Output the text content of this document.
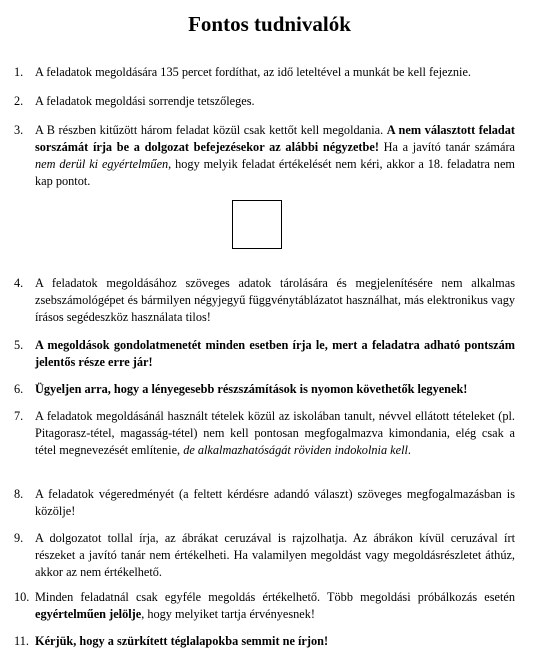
Fontos tudnivalók
1. A feladatok megoldására 135 percet fordíthat, az idő leteltével a munkát be kell fejeznie.
2. A feladatok megoldási sorrendje tetszőleges.
3. A B részben kitűzött három feladat közül csak kettőt kell megoldania. A nem választott feladat sorszámát írja be a dolgozat befejezésekor az alábbi négyzetbe! Ha a javító tanár számára nem derül ki egyértelműen, hogy melyik feladat értékelését nem kéri, akkor a 18. feladatra nem kap pontot.
4. A feladatok megoldásához szöveges adatok tárolására és megjelenítésére nem alkalmas zsebszámológépet és bármilyen négyjegyű függvénytáblázatot használhat, más elektronikus vagy írásos segédeszköz használata tilos!
5. A megoldások gondolatmenetét minden esetben írja le, mert a feladatra adható pontszám jelentős része erre jár!
6. Ügyeljen arra, hogy a lényegesebb részszámítások is nyomon követhetők legyenek!
7. A feladatok megoldásánál használt tételek közül az iskolában tanult, névvel ellátott tételeket (pl. Pitagorasz-tétel, magasság-tétel) nem kell pontosan megfogalmazva kimondania, elég csak a tétel megnevezését említenie, de alkalmazhatóságát röviden indokolnia kell.
8. A feladatok végeredményét (a feltett kérdésre adandó választ) szöveges megfogalmazásban is közölje!
9. A dolgozatot tollal írja, az ábrákat ceruzával is rajzolhatja. Az ábrákon kívül ceruzával írt részeket a javító tanár nem értékelheti. Ha valamilyen megoldást vagy megoldásrészletet áthúz, akkor az nem értékelhető.
10. Minden feladatnál csak egyféle megoldás értékelhető. Több megoldási próbálkozás esetén egyértelműen jelölje, hogy melyiket tartja érvényesnek!
11. Kérjük, hogy a szürkített téglalapokba semmit ne írjon!
